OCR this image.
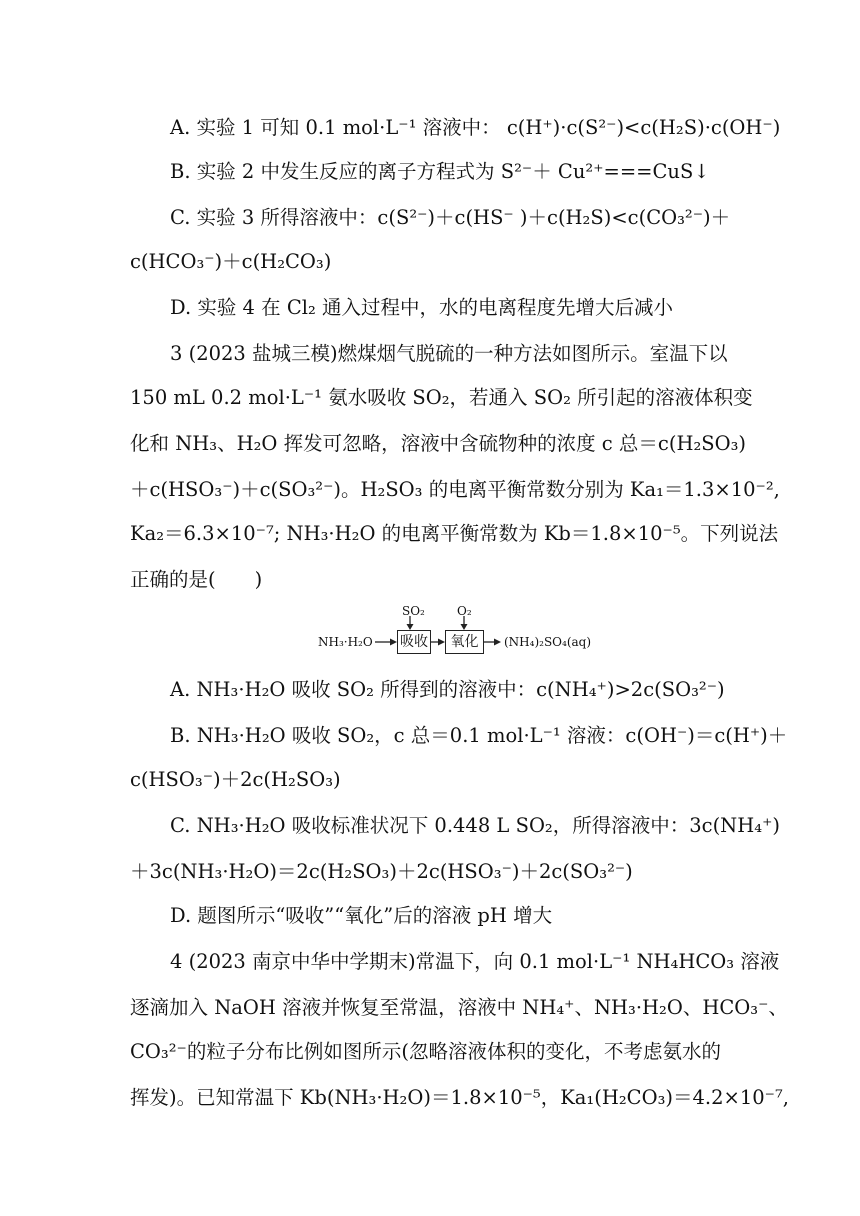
A. 实验 1 可知 0.1 mol·L⁻¹ 溶液中： c(H⁺)·c(S²⁻)<c(H₂S)·c(OH⁻)
B. 实验 2 中发生反应的离子方程式为 S²⁻＋ Cu²⁺===CuS↓
C. 实验 3 所得溶液中：c(S²⁻)＋c(HS⁻ )＋c(H₂S)<c(CO₃²⁻)＋
c(HCO₃⁻)＋c(H₂CO₃)
D. 实验 4 在 Cl₂ 通入过程中，水的电离程度先增大后减小
3 (2023 盐城三模)燃煤烟气脱硫的一种方法如图所示。室温下以
150 mL 0.2 mol·L⁻¹ 氨水吸收 SO₂，若通入 SO₂ 所引起的溶液体积变
化和 NH₃、H₂O 挥发可忽略，溶液中含硫物种的浓度 c 总＝c(H₂SO₃)
＋c(HSO₃⁻)＋c(SO₃²⁻)。H₂SO₃ 的电离平衡常数分别为 Ka₁＝1.3×10⁻²,
Ka₂＝6.3×10⁻⁷; NH₃·H₂O 的电离平衡常数为 Kb＝1.8×10⁻⁵。下列说法
正确的是(　　)
NH₃·H₂O
SO₂
吸收
O₂
氧化	(NH₄)₂SO₄(aq)
A. NH₃·H₂O 吸收 SO₂ 所得到的溶液中：c(NH₄⁺)>2c(SO₃²⁻)
B. NH₃·H₂O 吸收 SO₂，c 总＝0.1 mol·L⁻¹ 溶液：c(OH⁻)＝c(H⁺)＋
c(HSO₃⁻)＋2c(H₂SO₃)
C. NH₃·H₂O 吸收标准状况下 0.448 L SO₂，所得溶液中：3c(NH₄⁺)
＋3c(NH₃·H₂O)＝2c(H₂SO₃)＋2c(HSO₃⁻)＋2c(SO₃²⁻)
D. 题图所示“吸收”“氧化”后的溶液 pH 增大
4 (2023 南京中华中学期末)常温下，向 0.1 mol·L⁻¹ NH₄HCO₃ 溶液
逐滴加入 NaOH 溶液并恢复至常温，溶液中 NH₄⁺、NH₃·H₂O、HCO₃⁻、
CO₃²⁻的粒子分布比例如图所示(忽略溶液体积的变化，不考虑氨水的
挥发)。已知常温下 Kb(NH₃·H₂O)＝1.8×10⁻⁵，Ka₁(H₂CO₃)＝4.2×10⁻⁷,
